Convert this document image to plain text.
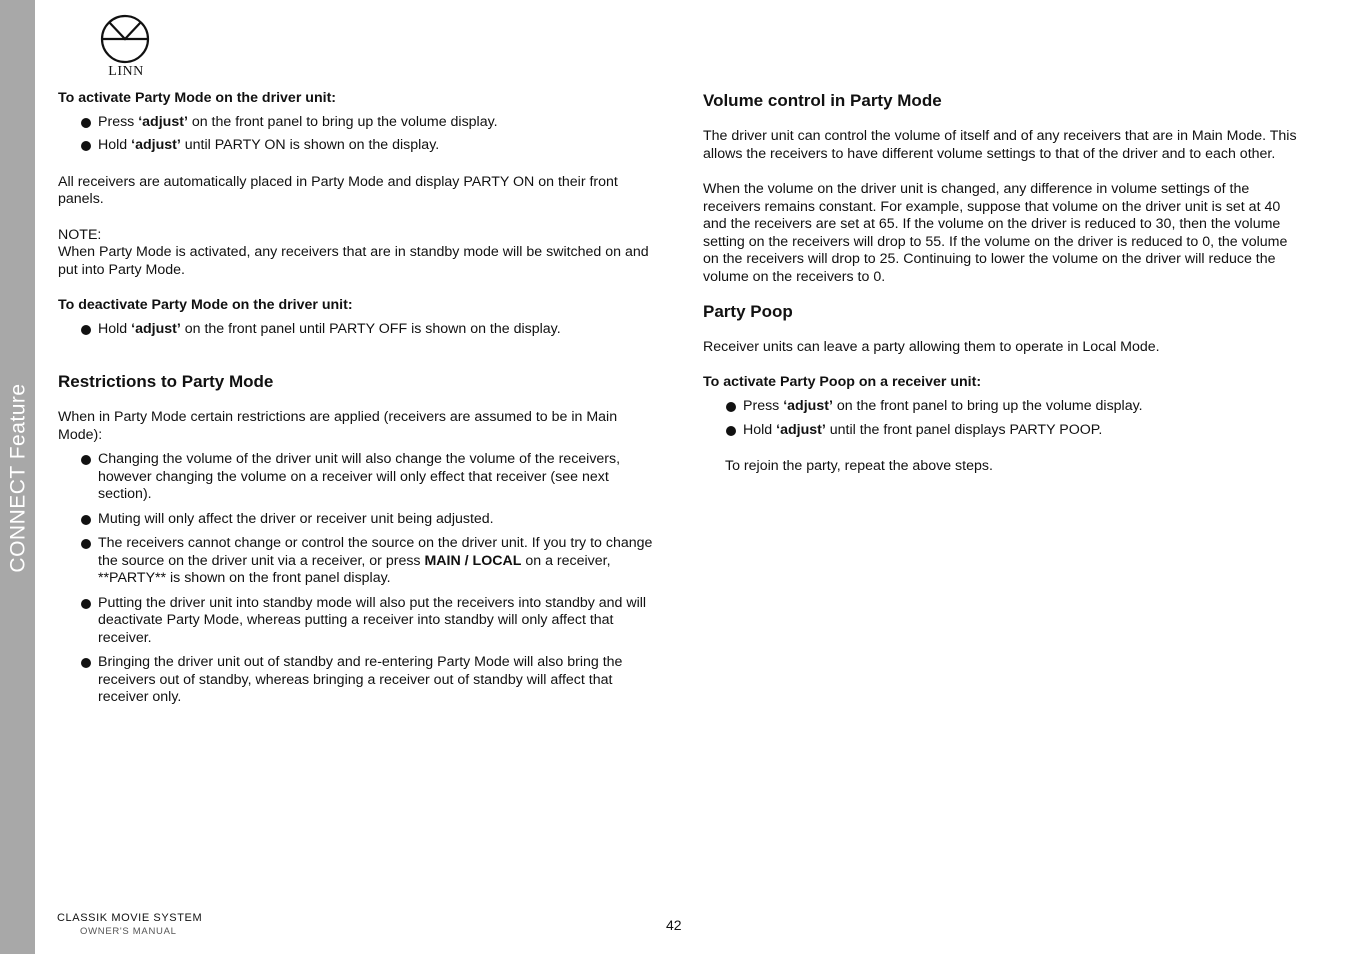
CONNECT Feature
LINN

To activate Party Mode on the driver unit:

Press ‘adjust’ on the front panel to bring up the volume display.
Hold ‘adjust’ until PARTY ON is shown on the display.

All receivers are automatically placed in Party Mode and display PARTY ON on their front panels.

NOTE:

When Party Mode is activated, any receivers that are in standby mode will be switched on and put into Party Mode.

To deactivate Party Mode on the driver unit:

Hold ‘adjust’ on the front panel until PARTY OFF is shown on the display.

Restrictions to Party Mode

When in Party Mode certain restrictions are applied (receivers are assumed to be in Main Mode):

Changing the volume of the driver unit will also change the volume of the receivers, however changing the volume on a receiver will only effect that receiver (see next section).
Muting will only affect the driver or receiver unit being adjusted.
The receivers cannot change or control the source on the driver unit. If you try to change the source on the driver unit via a receiver, or press MAIN / LOCAL on a receiver, **PARTY** is shown on the front panel display.
Putting the driver unit into standby mode will also put the receivers into standby and will deactivate Party Mode, whereas putting a receiver into standby will only affect that receiver.
Bringing the driver unit out of standby and re-entering Party Mode will also bring the receivers out of standby, whereas bringing a receiver out of standby will affect that receiver only.

Volume control in Party Mode

The driver unit can control the volume of itself and of any receivers that are in Main Mode. This allows the receivers to have different volume settings to that of the driver and to each other.

When the volume on the driver unit is changed, any difference in volume settings of the receivers remains constant. For example, suppose that volume on the driver unit is set at 40 and the receivers are set at 65. If the volume on the driver is reduced to 30, then the volume setting on the receivers will drop to 55. If the volume on the driver is reduced to 0, the volume on the receivers will drop to 25. Continuing to lower the volume on the driver will reduce the volume on the receivers to 0.

Party Poop

Receiver units can leave a party allowing them to operate in Local Mode.

To activate Party Poop on a receiver unit:

Press ‘adjust’ on the front panel to bring up the volume display.
Hold ‘adjust’ until the front panel displays PARTY POOP.

To rejoin the party, repeat the above steps.

CLASSIK MOVIE SYSTEM
OWNER'S MANUAL	42
